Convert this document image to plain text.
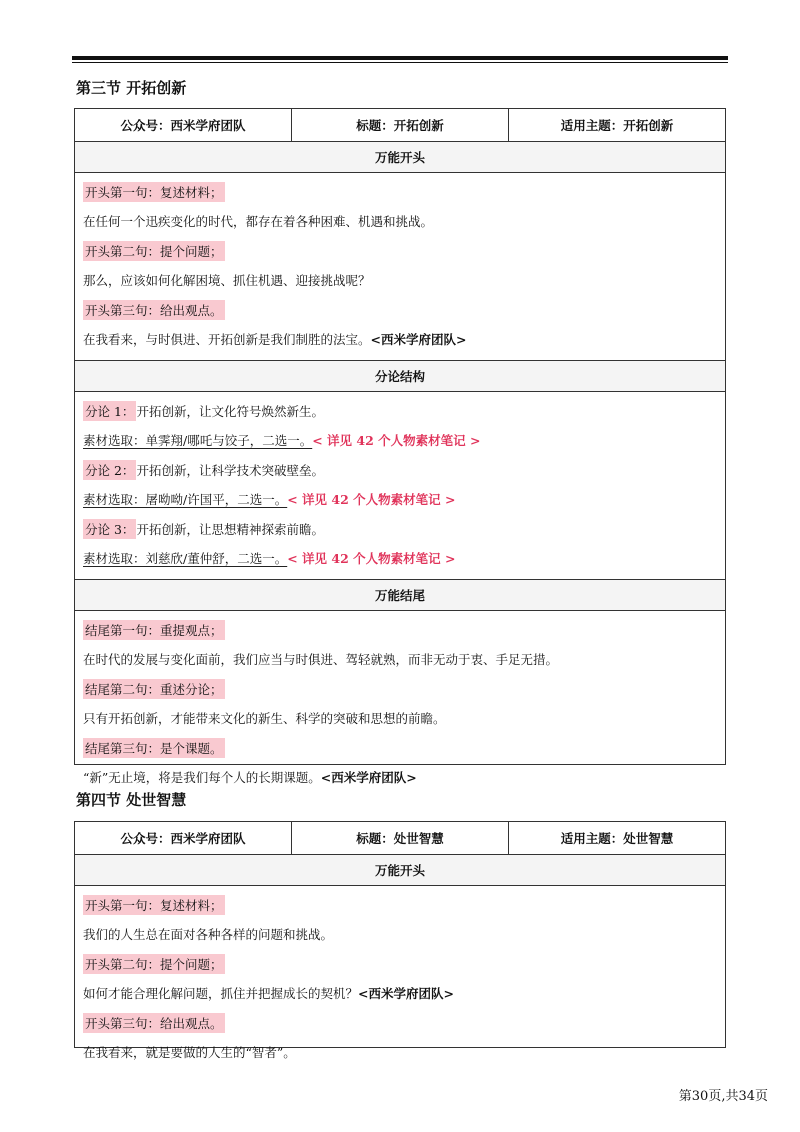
第三节 开拓创新
公众号：西米学府团队	标题：开拓创新	适用主题：开拓创新
万能开头
开头第一句：复述材料；
在任何一个迅疾变化的时代，都存在着各种困难、机遇和挑战。
开头第二句：提个问题；
那么，应该如何化解困境、抓住机遇、迎接挑战呢？
开头第三句：给出观点。
在我看来，与时俱进、开拓创新是我们制胜的法宝。 <西米学府团队>
分论结构
分论 1： 开拓创新，让文化符号焕然新生。
素材选取：单霁翔/哪吒与饺子，二选一。 < 详见 42 个人物素材笔记 >
分论 2： 开拓创新，让科学技术突破壁垒。
素材选取：屠呦呦/许国平，二选一。 < 详见 42 个人物素材笔记 >
分论 3： 开拓创新，让思想精神探索前瞻。
素材选取：刘慈欣/董仲舒，二选一。 < 详见 42 个人物素材笔记 >
万能结尾
结尾第一句：重提观点；
在时代的发展与变化面前，我们应当与时俱进、驾轻就熟，而非无动于衷、手足无措。
结尾第二句：重述分论；
只有开拓创新，才能带来文化的新生、科学的突破和思想的前瞻。
结尾第三句：是个课题。
“新”无止境，将是我们每个人的长期课题。 <西米学府团队>
第四节 处世智慧
公众号：西米学府团队	标题：处世智慧	适用主题：处世智慧
万能开头
开头第一句：复述材料；
我们的人生总在面对各种各样的问题和挑战。
开头第二句：提个问题；
如何才能合理化解问题，抓住并把握成长的契机？ <西米学府团队>
开头第三句：给出观点。
在我看来，就是要做的人生的“智者”。
第30页,共34页
